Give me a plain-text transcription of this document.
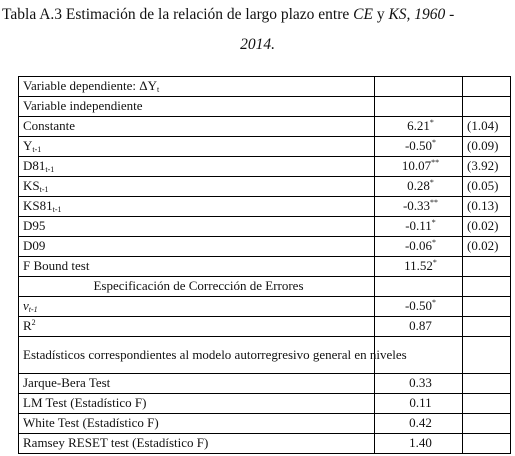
Tabla A.3 Estimación de la relación de largo plazo entre CE y KS, 1960 -
2014.
Variable dependiente: $\Delta Y_t$		
Variable independiente		
Constante	6.21*	(1.04)
$Y_{t-1}$	-0.50*	(0.09)
$D81_{t-1}$	10.07**	(3.92)
$KS_{t-1}$	0.28*	(0.05)
$KS81_{t-1}$	-0.33**	(0.13)
D95	-0.11*	(0.02)
D09	-0.06*	(0.02)
F Bound test	11.52*	
Especificación de Corrección de Errores		
$\nu_{t-1}$	-0.50*	
$R^2$	0.87	
Estadísticos correspondientes al modelo autorregresivo general en niveles		
Jarque-Bera Test	0.33	
LM Test (Estadístico F)	0.11	
White Test (Estadístico F)	0.42	
Ramsey RESET test (Estadístico F)	1.40	
